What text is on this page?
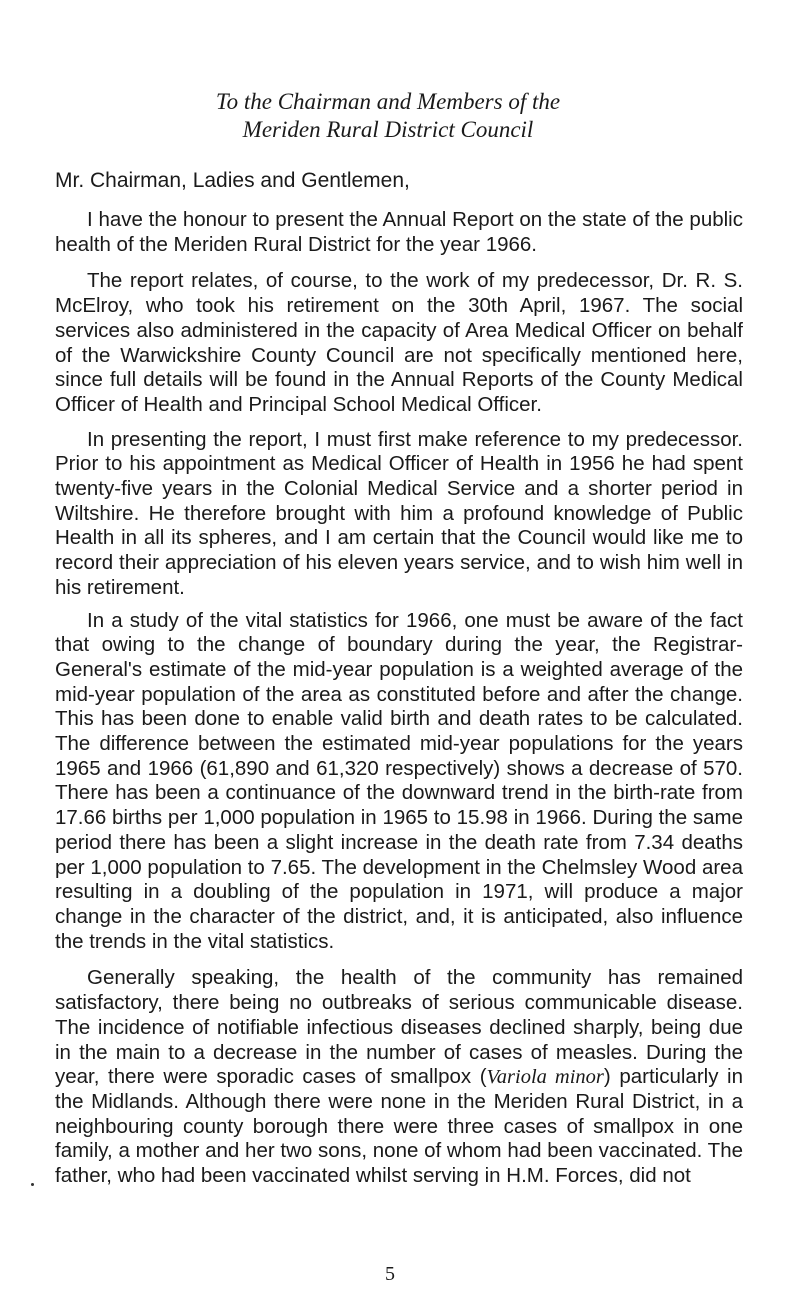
To the Chairman and Members of the
Meriden Rural District Council
Mr. Chairman, Ladies and Gentlemen,

I have the honour to present the Annual Report on the state of the public health of the Meriden Rural District for the year 1966.

The report relates, of course, to the work of my predecessor, Dr. R. S. McElroy, who took his retirement on the 30th April, 1967. The social services also administered in the capacity of Area Medical Officer on behalf of the Warwickshire County Council are not specifically mentioned here, since full details will be found in the Annual Reports of the County Medical Officer of Health and Principal School Medical Officer.

In presenting the report, I must first make reference to my predecessor. Prior to his appointment as Medical Officer of Health in 1956 he had spent twenty-five years in the Colonial Medical Service and a shorter period in Wiltshire. He therefore brought with him a profound knowledge of Public Health in all its spheres, and I am certain that the Council would like me to record their appreciation of his eleven years service, and to wish him well in his retirement.

In a study of the vital statistics for 1966, one must be aware of the fact that owing to the change of boundary during the year, the Registrar-General's estimate of the mid-year population is a weighted average of the mid-year population of the area as constituted before and after the change. This has been done to enable valid birth and death rates to be calculated. The difference between the estimated mid-year populations for the years 1965 and 1966 (61,890 and 61,320 respectively) shows a decrease of 570. There has been a continuance of the downward trend in the birth-rate from 17.66 births per 1,000 population in 1965 to 15.98 in 1966. During the same period there has been a slight increase in the death rate from 7.34 deaths per 1,000 population to 7.65. The development in the Chelmsley Wood area resulting in a doubling of the population in 1971, will produce a major change in the character of the district, and, it is anticipated, also influence the trends in the vital statistics.

Generally speaking, the health of the community has remained satisfactory, there being no outbreaks of serious communicable disease. The incidence of notifiable infectious diseases declined sharply, being due in the main to a decrease in the number of cases of measles. During the year, there were sporadic cases of smallpox (Variola minor) particularly in the Midlands. Although there were none in the Meriden Rural District, in a neighbouring county borough there were three cases of smallpox in one family, a mother and her two sons, none of whom had been vaccinated. The father, who had been vaccinated whilst serving in H.M. Forces, did not

5
